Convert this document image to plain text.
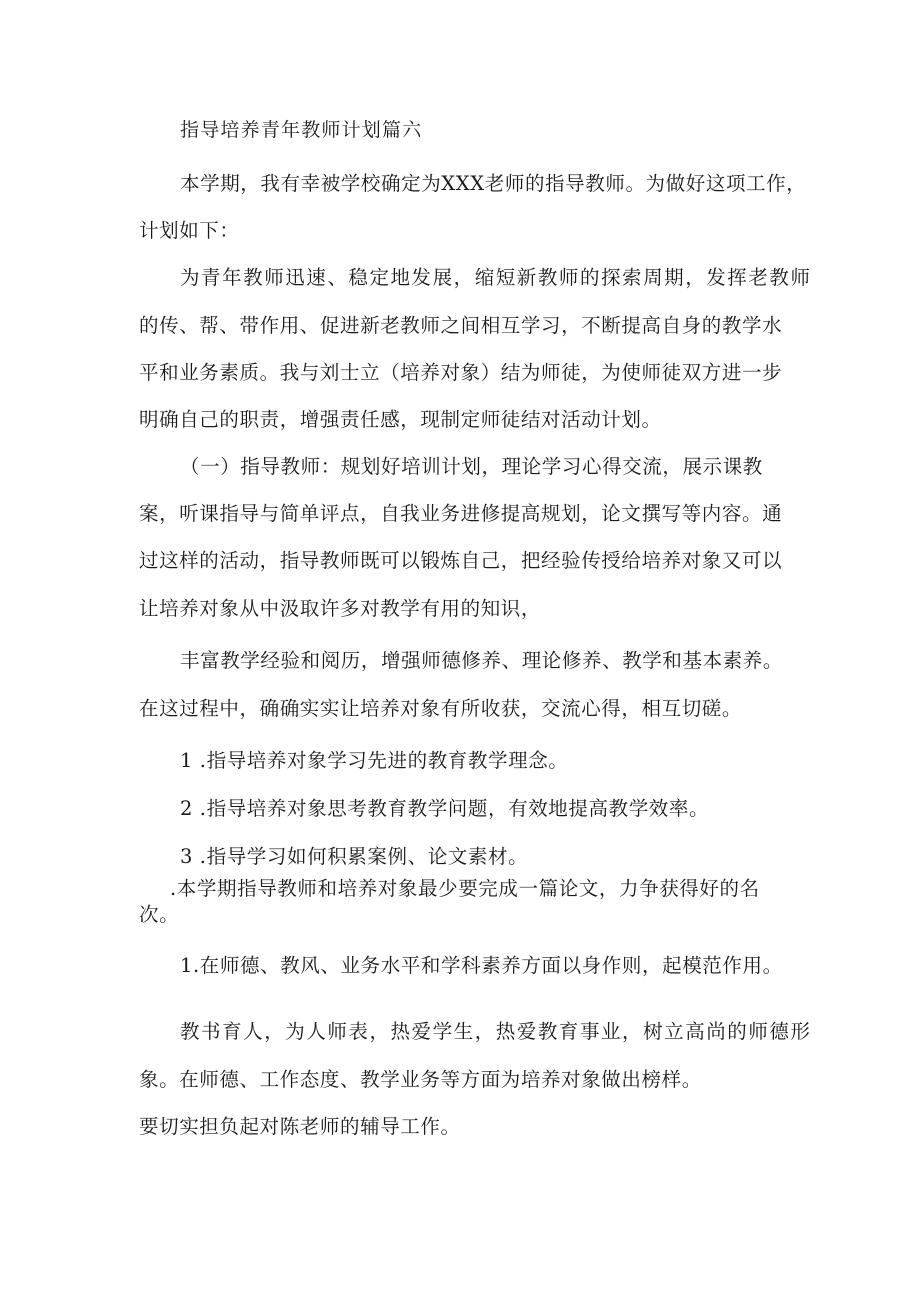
指导培养青年教师计划篇六
本学期，我有幸被学校确定为XXX老师的指导教师。为做好这项工作，
计划如下：
为青年教师迅速、稳定地发展，缩短新教师的探索周期，发挥老教师
的传、帮、带作用、促进新老教师之间相互学习，不断提高自身的教学水
平和业务素质。我与刘士立（培养对象）结为师徒，为使师徒双方进一步
明确自己的职责，增强责任感，现制定师徒结对活动计划。
（一）指导教师：规划好培训计划，理论学习心得交流，展示课教
案，听课指导与简单评点，自我业务进修提高规划，论文撰写等内容。通
过这样的活动，指导教师既可以锻炼自己，把经验传授给培养对象又可以
让培养对象从中汲取许多对教学有用的知识，
丰富教学经验和阅历，增强师德修养、理论修养、教学和基本素养。
在这过程中，确确实实让培养对象有所收获，交流心得，相互切磋。
1 .指导培养对象学习先进的教育教学理念。
2 .指导培养对象思考教育教学问题，有效地提高教学效率。
3 .指导学习如何积累案例、论文素材。
.本学期指导教师和培养对象最少要完成一篇论文，力争获得好的名
次。
1.在师德、教风、业务水平和学科素养方面以身作则，起模范作用。
教书育人，为人师表，热爱学生，热爱教育事业，树立高尚的师德形
象。在师德、工作态度、教学业务等方面为培养对象做出榜样。
要切实担负起对陈老师的辅导工作。
